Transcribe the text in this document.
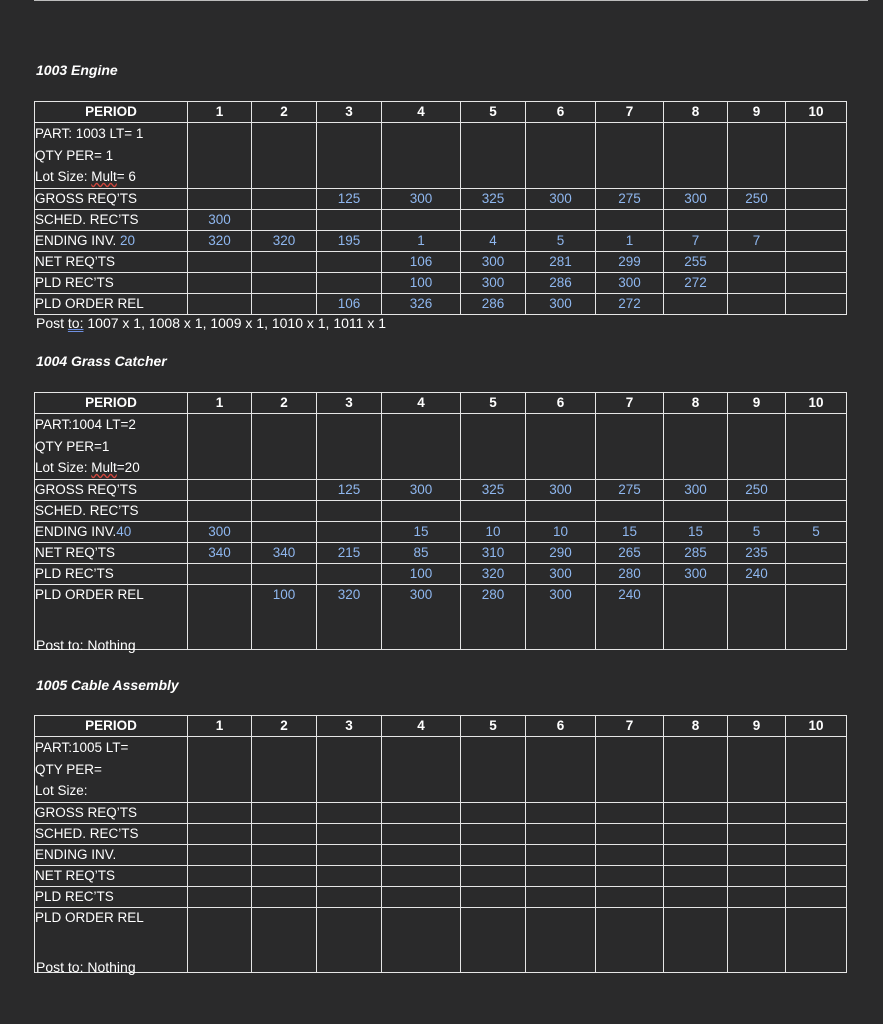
1003 Engine
PERIOD	1	2	3	4	5	6	7	8	9	10

PART: 1003 LT= 1
QTY PER= 1
Lot Size: Mult= 6										

GROSS REQ’TS			125	300	325	300	275	300	250	
SCHED. REC’TS	300									
ENDING INV. 20	320	320	195	1	4	5	1	7	7	
NET REQ’TS				106	300	281	299	255		
PLD REC’TS				100	300	286	300	272		
PLD ORDER REL			106	326	286	300	272			
Post to: 1007 x 1, 1008 x 1, 1009 x 1, 1010 x 1, 1011 x 1
1004 Grass Catcher
PERIOD	1	2	3	4	5	6	7	8	9	10

PART:1004 LT=2
QTY PER=1
Lot Size: Mult=20										

GROSS REQ’TS			125	300	325	300	275	300	250	
SCHED. REC’TS										
ENDING INV.40	300			15	10	10	15	15	5	5
NET REQ’TS	340	340	215	85	310	290	265	285	235	
PLD REC’TS				100	320	300	280	300	240	
PLD ORDER REL		100	320	300	280	300	240			
Post to: Nothing
1005 Cable Assembly
PERIOD	1	2	3	4	5	6	7	8	9	10

PART:1005 LT=
QTY PER=
Lot Size:										

GROSS REQ’TS										
SCHED. REC’TS										
ENDING INV.										
NET REQ’TS										
PLD REC’TS										
PLD ORDER REL										
Post to: Nothing
